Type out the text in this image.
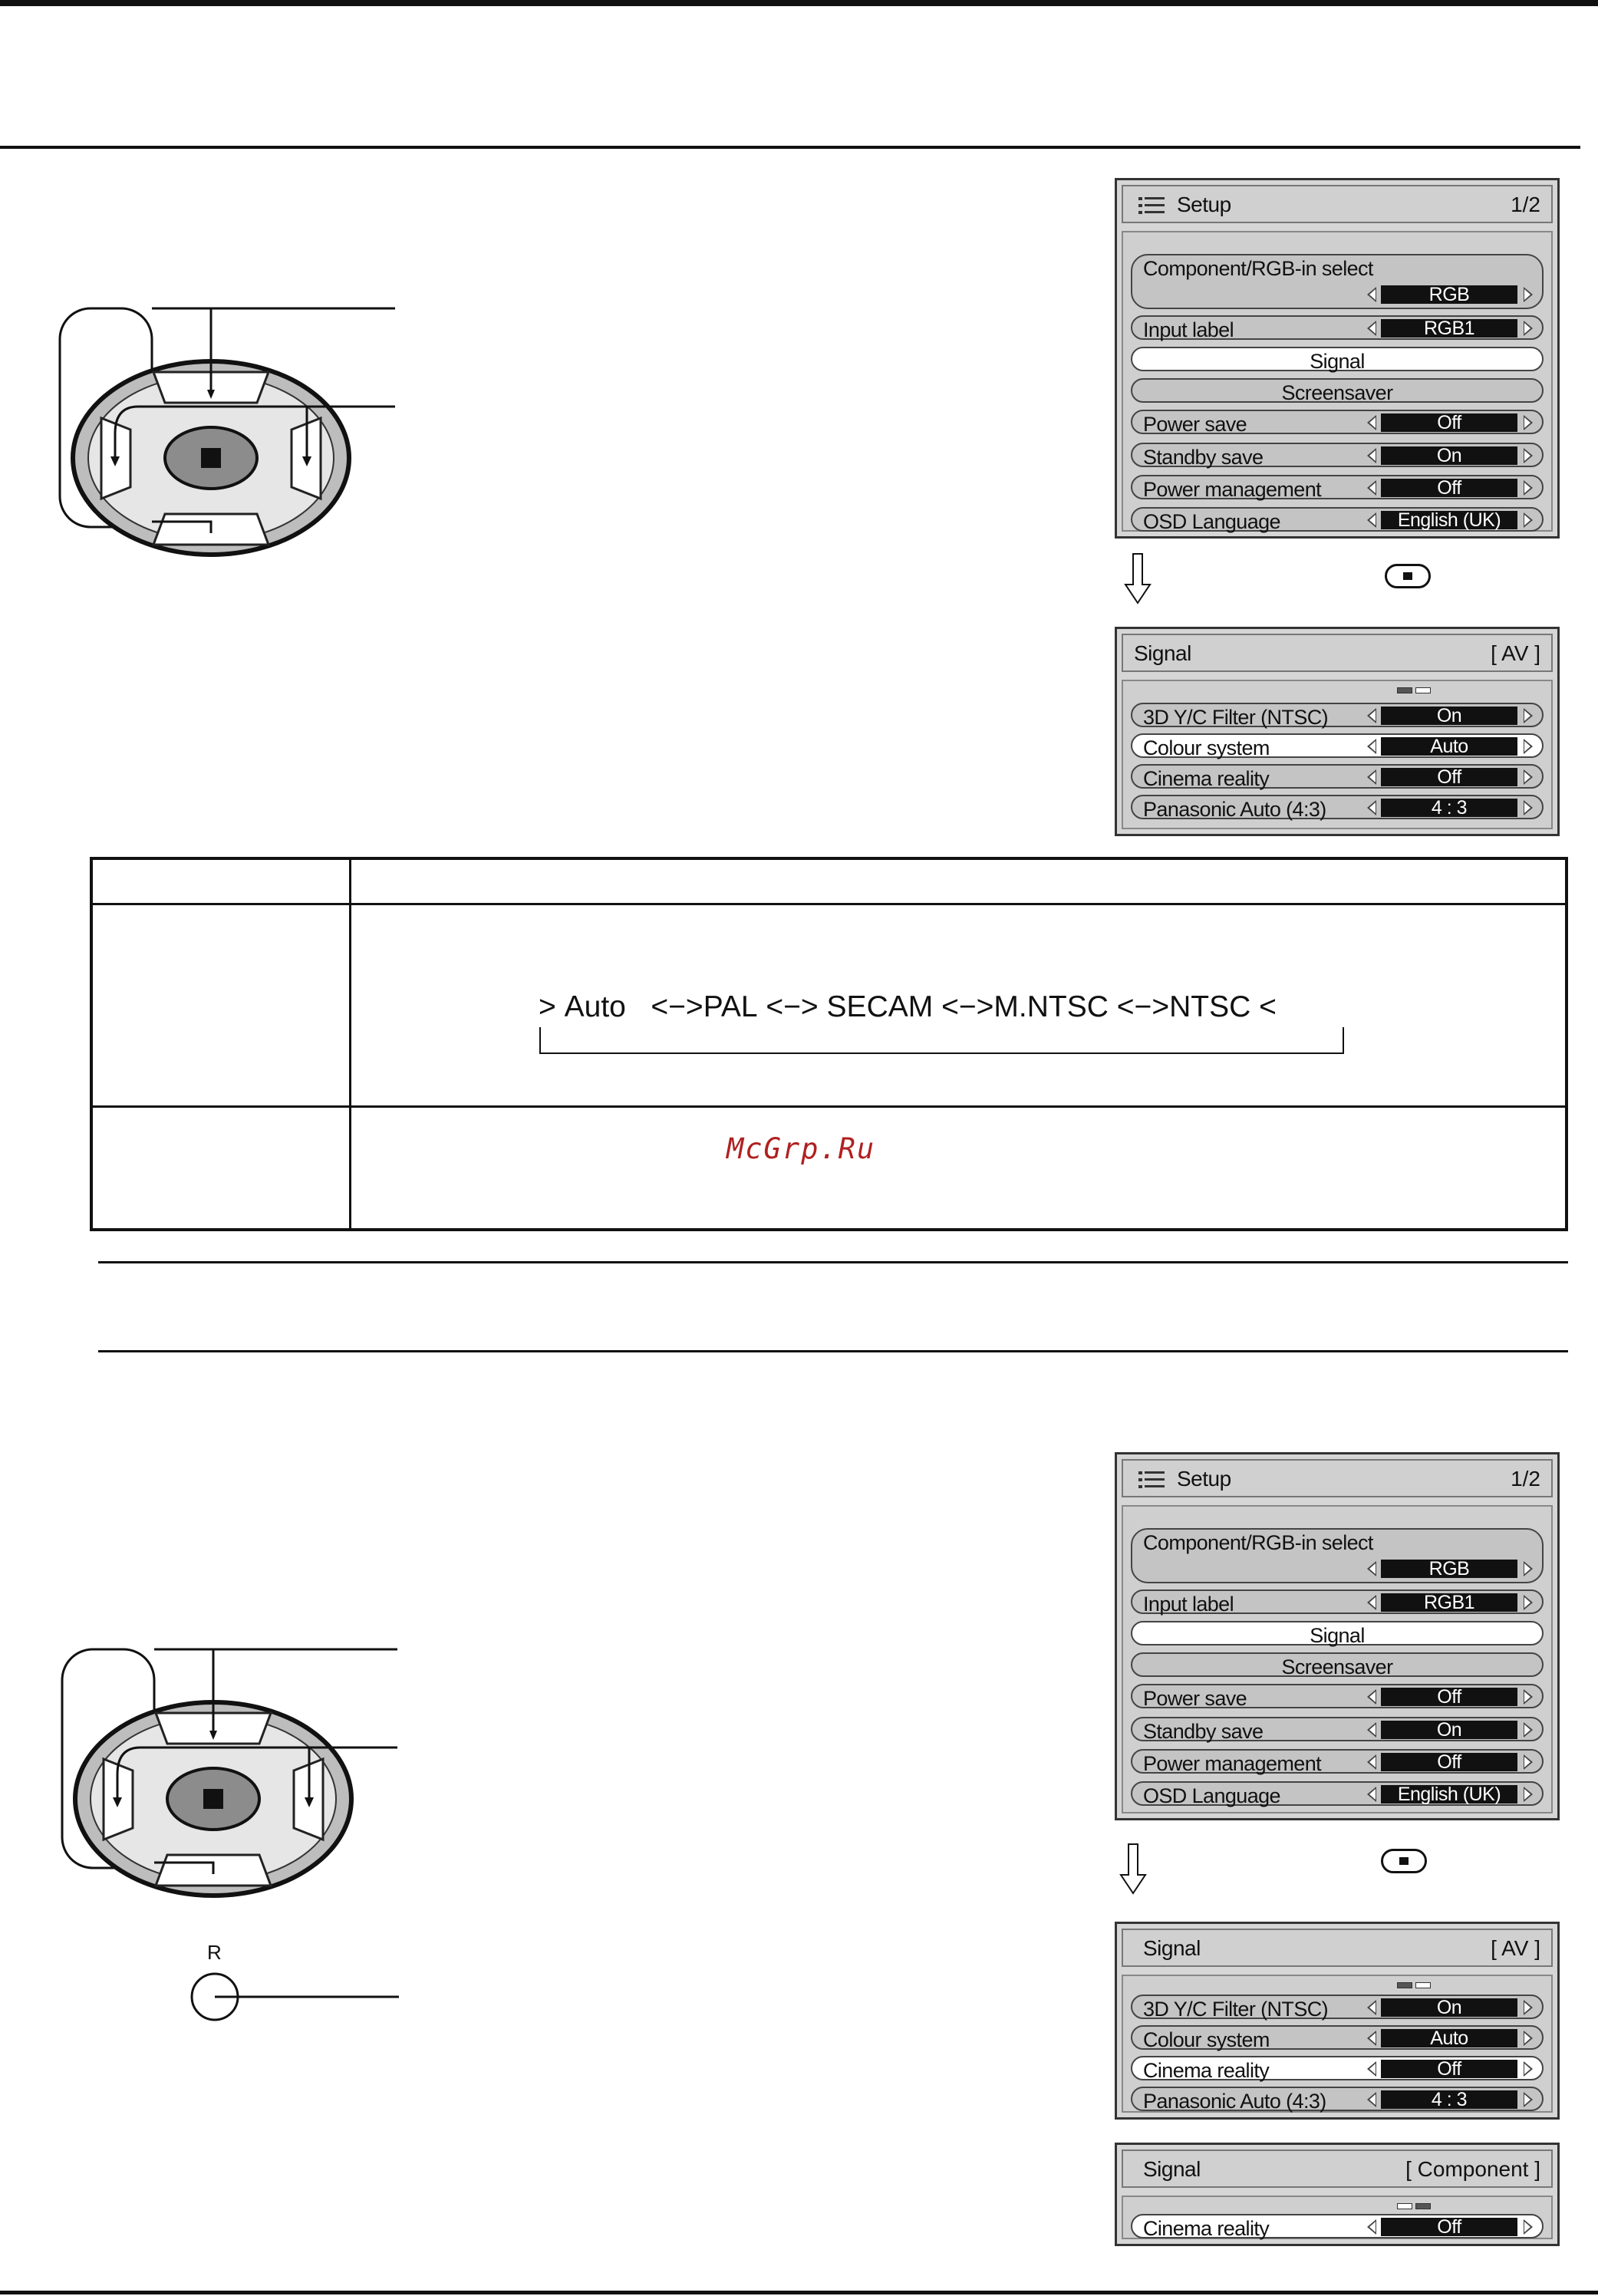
Setup	1/2
Component/RGB-in select
RGB
Input label	RGB1
Signal
Screensaver
Power save	Off
Standby save	On
Power management	Off
OSD Language	English (UK)
Signal	[ AV ]
3D Y/C Filter (NTSC)	On
Colour system	Auto
Cinema reality	Off
Panasonic Auto (4:3)	4 : 3
> Auto <−>PAL <−> SECAM <−>M.NTSC <−>NTSC <
McGrp.Ru
R
Setup	1/2
Component/RGB-in select
RGB
Input label	RGB1
Signal
Screensaver
Power save	Off
Standby save	On
Power management	Off
OSD Language	English (UK)
Signal	[ AV ]
3D Y/C Filter (NTSC)	On
Colour system	Auto
Cinema reality	Off
Panasonic Auto (4:3)	4 : 3
Signal	[ Component ]
Cinema reality	Off
